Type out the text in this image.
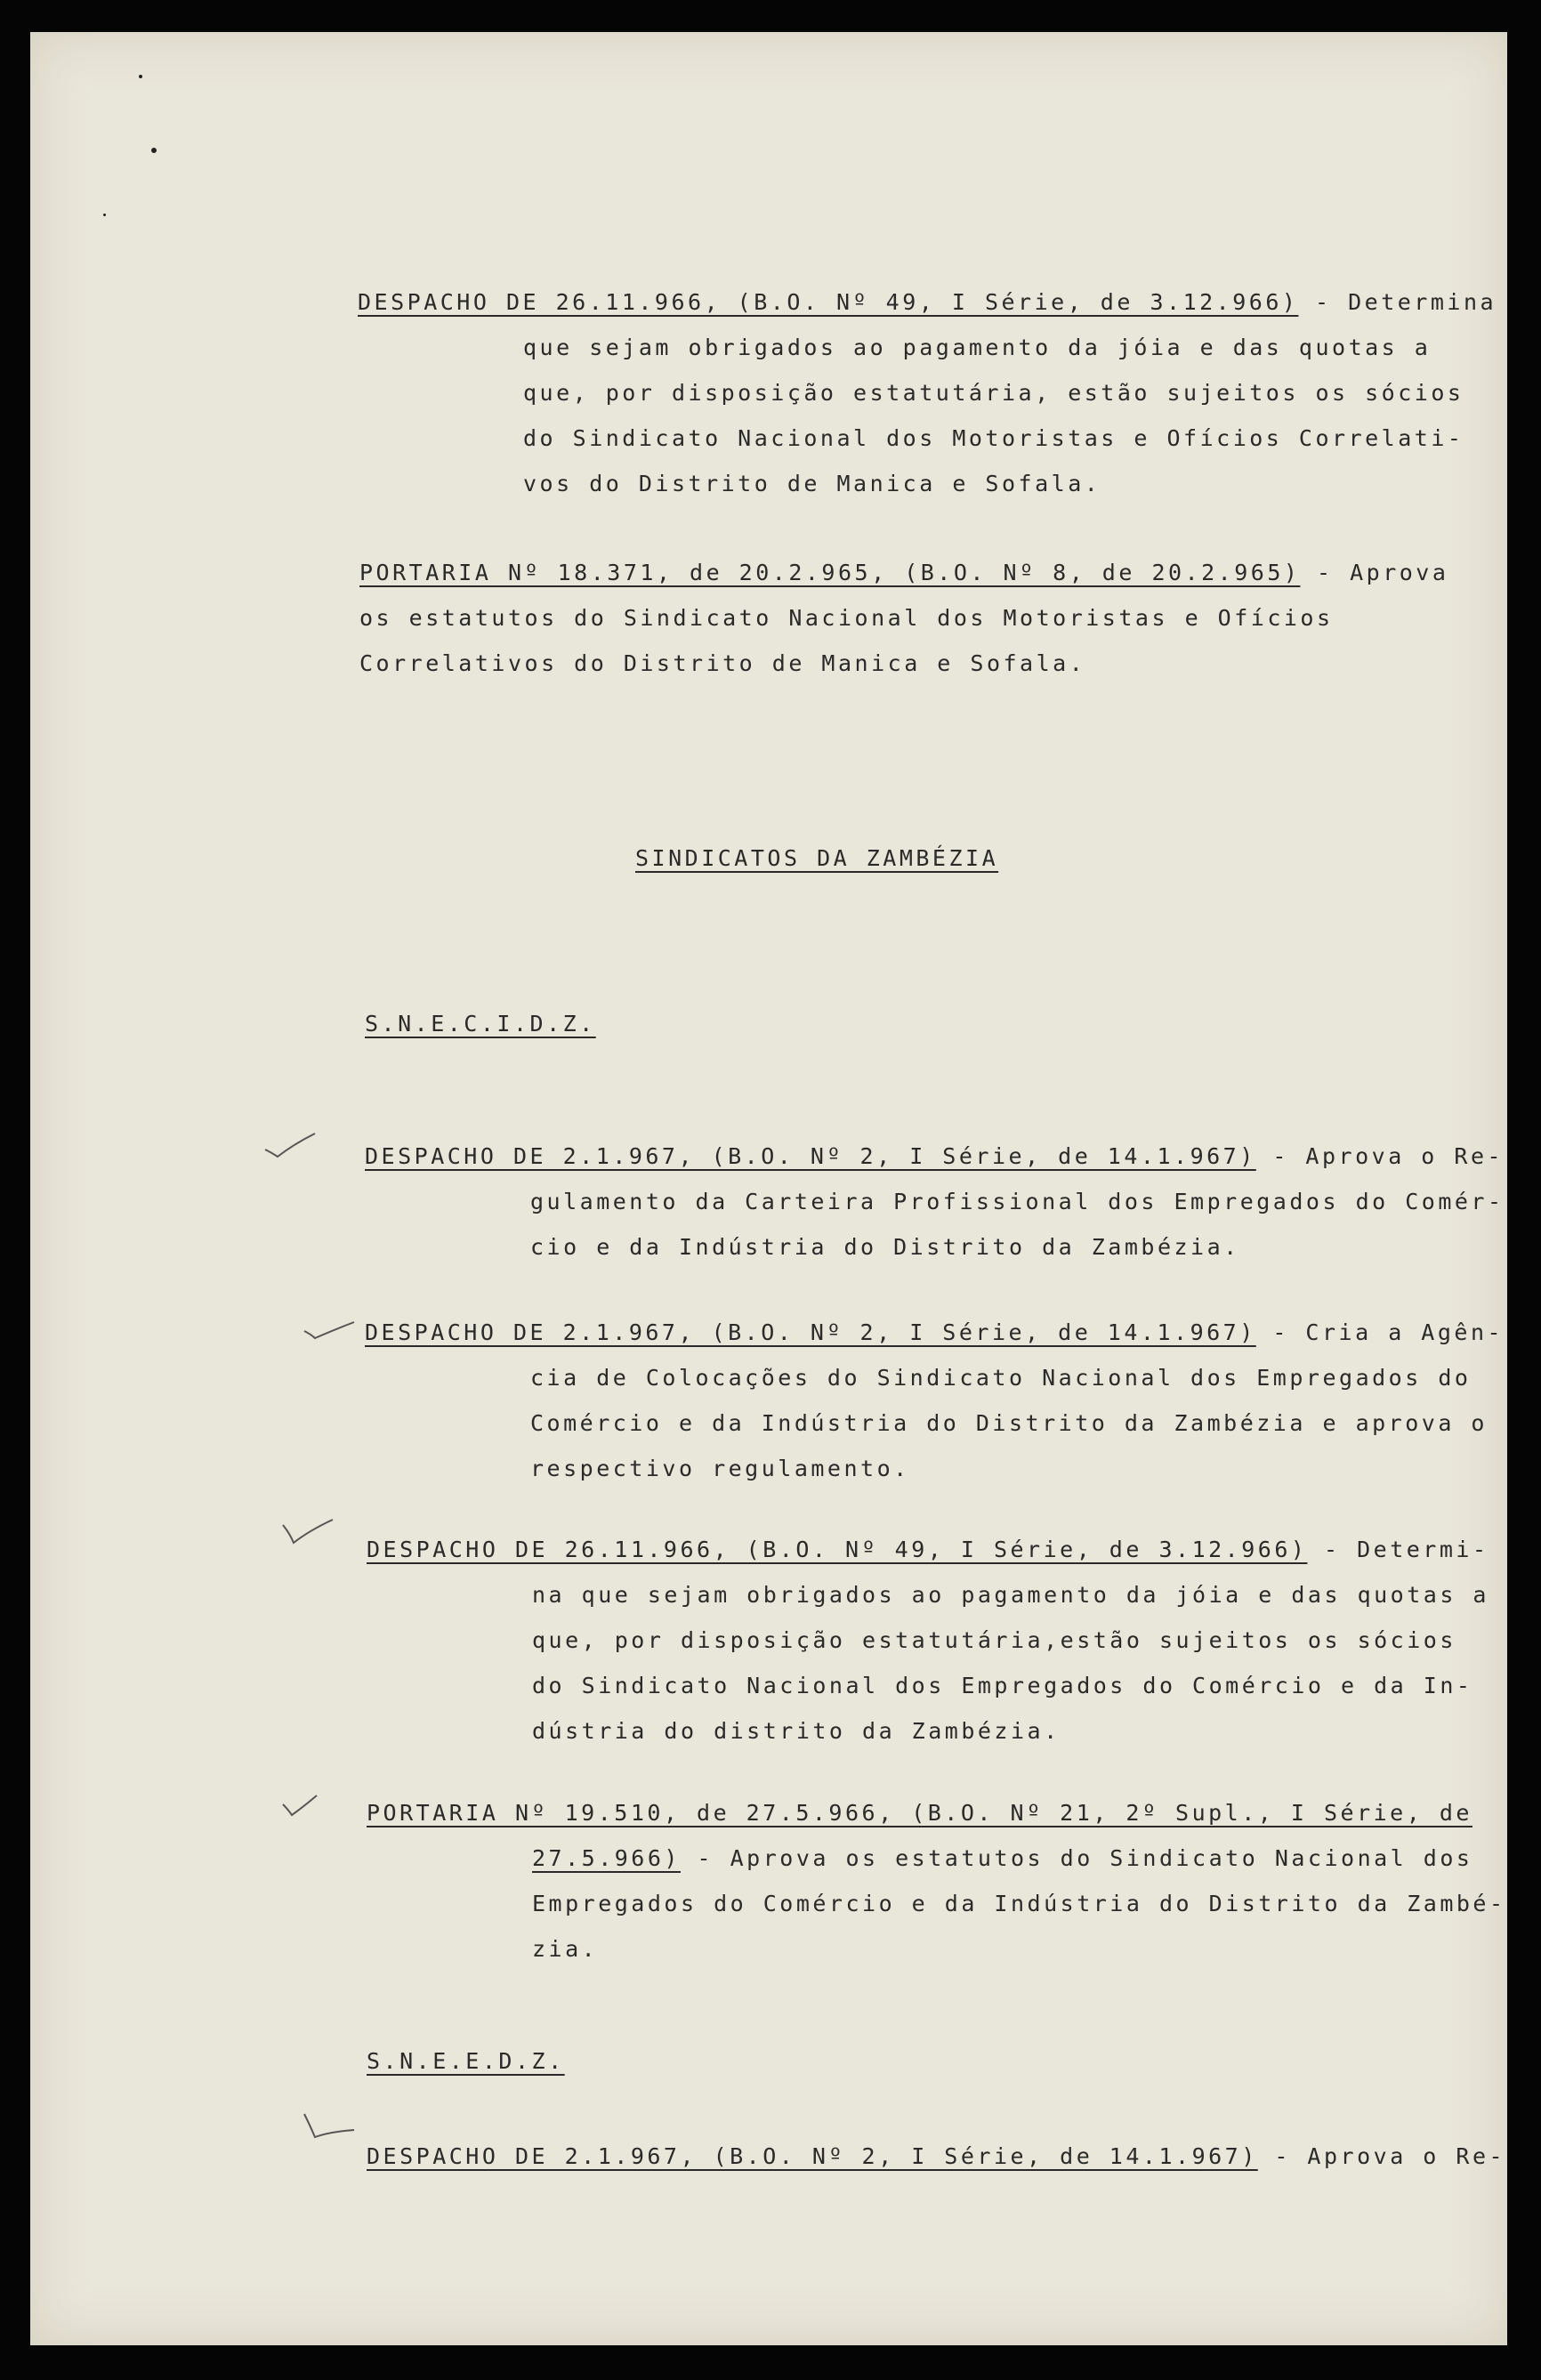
DESPACHO DE 26.11.966, (B.O. Nº 49, I Série, de 3.12.966) - Determina
que sejam obrigados ao pagamento da jóia e das quotas a
que, por disposição estatutária, estão sujeitos os sócios
do Sindicato Nacional dos Motoristas e Ofícios Correlati-
vos do Distrito de Manica e Sofala.
PORTARIA Nº 18.371, de 20.2.965, (B.O. Nº 8, de 20.2.965) - Aprova
os estatutos do Sindicato Nacional dos Motoristas e Ofícios
Correlativos do Distrito de Manica e Sofala.
SINDICATOS DA ZAMBÉZIA
S.N.E.C.I.D.Z.
DESPACHO DE 2.1.967, (B.O. Nº 2, I Série, de 14.1.967) - Aprova o Re-
gulamento da Carteira Profissional dos Empregados do Comér-
cio e da Indústria do Distrito da Zambézia.
DESPACHO DE 2.1.967, (B.O. Nº 2, I Série, de 14.1.967) - Cria a Agên-
cia de Colocações do Sindicato Nacional dos Empregados do
Comércio e da Indústria do Distrito da Zambézia e aprova o
respectivo regulamento.
DESPACHO DE 26.11.966, (B.O. Nº 49, I Série, de 3.12.966) - Determi-
na que sejam obrigados ao pagamento da jóia e das quotas a
que, por disposição estatutária,estão sujeitos os sócios
do Sindicato Nacional dos Empregados do Comércio e da In-
dústria do distrito da Zambézia.
PORTARIA Nº 19.510, de 27.5.966, (B.O. Nº 21, 2º Supl., I Série, de
27.5.966) - Aprova os estatutos do Sindicato Nacional dos
Empregados do Comércio e da Indústria do Distrito da Zambé-
zia.
S.N.E.E.D.Z.
DESPACHO DE 2.1.967, (B.O. Nº 2, I Série, de 14.1.967) - Aprova o Re-
